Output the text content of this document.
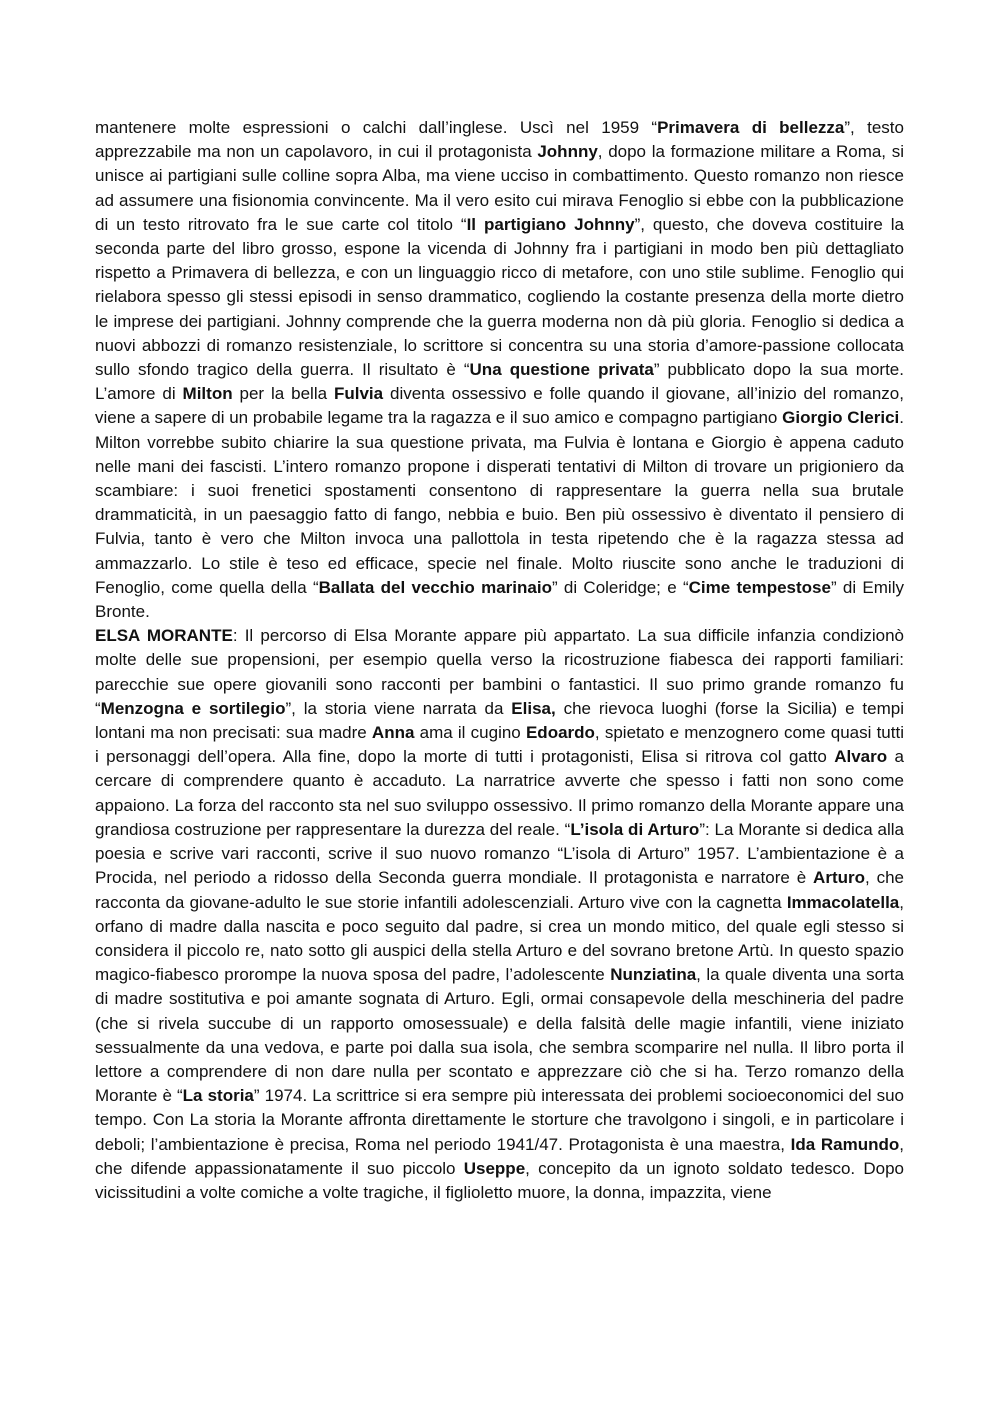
mantenere molte espressioni o calchi dall’inglese. Uscì nel 1959 “Primavera di bellezza”, testo apprezzabile ma non un capolavoro, in cui il protagonista Johnny, dopo la formazione militare a Roma, si unisce ai partigiani sulle colline sopra Alba, ma viene ucciso in combattimento. Questo romanzo non riesce ad assumere una fisionomia convincente. Ma il vero esito cui mirava Fenoglio si ebbe con la pubblicazione di un testo ritrovato fra le sue carte col titolo “Il partigiano Johnny”, questo, che doveva costituire la seconda parte del libro grosso, espone la vicenda di Johnny fra i partigiani in modo ben più dettagliato rispetto a Primavera di bellezza, e con un linguaggio ricco di metafore, con uno stile sublime. Fenoglio qui rielabora spesso gli stessi episodi in senso drammatico, cogliendo la costante presenza della morte dietro le imprese dei partigiani. Johnny comprende che la guerra moderna non dà più gloria. Fenoglio si dedica a nuovi abbozzi di romanzo resistenziale, lo scrittore si concentra su una storia d’amore-passione collocata sullo sfondo tragico della guerra. Il risultato è “Una questione privata” pubblicato dopo la sua morte. L’amore di Milton per la bella Fulvia diventa ossessivo e folle quando il giovane, all’inizio del romanzo, viene a sapere di un probabile legame tra la ragazza e il suo amico e compagno partigiano Giorgio Clerici. Milton vorrebbe subito chiarire la sua questione privata, ma Fulvia è lontana e Giorgio è appena caduto nelle mani dei fascisti. L’intero romanzo propone i disperati tentativi di Milton di trovare un prigioniero da scambiare: i suoi frenetici spostamenti consentono di rappresentare la guerra nella sua brutale drammaticità, in un paesaggio fatto di fango, nebbia e buio. Ben più ossessivo è diventato il pensiero di Fulvia, tanto è vero che Milton invoca una pallottola in testa ripetendo che è la ragazza stessa ad ammazzarlo. Lo stile è teso ed efficace, specie nel finale. Molto riuscite sono anche le traduzioni di Fenoglio, come quella della “Ballata del vecchio marinaio” di Coleridge; e “Cime tempestose” di Emily Bronte.

ELSA MORANTE: Il percorso di Elsa Morante appare più appartato. La sua difficile infanzia condizionò molte delle sue propensioni, per esempio quella verso la ricostruzione fiabesca dei rapporti familiari: parecchie sue opere giovanili sono racconti per bambini o fantastici. Il suo primo grande romanzo fu “Menzogna e sortilegio”, la storia viene narrata da Elisa, che rievoca luoghi (forse la Sicilia) e tempi lontani ma non precisati: sua madre Anna ama il cugino Edoardo, spietato e menzognero come quasi tutti i personaggi dell’opera. Alla fine, dopo la morte di tutti i protagonisti, Elisa si ritrova col gatto Alvaro a cercare di comprendere quanto è accaduto. La narratrice avverte che spesso i fatti non sono come appaiono. La forza del racconto sta nel suo sviluppo ossessivo. Il primo romanzo della Morante appare una grandiosa costruzione per rappresentare la durezza del reale. “L’isola di Arturo”: La Morante si dedica alla poesia e scrive vari racconti, scrive il suo nuovo romanzo “L’isola di Arturo” 1957. L’ambientazione è a Procida, nel periodo a ridosso della Seconda guerra mondiale. Il protagonista e narratore è Arturo, che racconta da giovane-adulto le sue storie infantili adolescenziali. Arturo vive con la cagnetta Immacolatella, orfano di madre dalla nascita e poco seguito dal padre, si crea un mondo mitico, del quale egli stesso si considera il piccolo re, nato sotto gli auspici della stella Arturo e del sovrano bretone Artù. In questo spazio magico-fiabesco prorompe la nuova sposa del padre, l’adolescente Nunziatina, la quale diventa una sorta di madre sostitutiva e poi amante sognata di Arturo. Egli, ormai consapevole della meschineria del padre (che si rivela succube di un rapporto omosessuale) e della falsità delle magie infantili, viene iniziato sessualmente da una vedova, e parte poi dalla sua isola, che sembra scomparire nel nulla. Il libro porta il lettore a comprendere di non dare nulla per scontato e apprezzare ciò che si ha. Terzo romanzo della Morante è “La storia” 1974. La scrittrice si era sempre più interessata dei problemi socioeconomici del suo tempo. Con La storia la Morante affronta direttamente le storture che travolgono i singoli, e in particolare i deboli; l’ambientazione è precisa, Roma nel periodo 1941/47. Protagonista è una maestra, Ida Ramundo, che difende appassionatamente il suo piccolo Useppe, concepito da un ignoto soldato tedesco. Dopo vicissitudini a volte comiche a volte tragiche, il figlioletto muore, la donna, impazzita, viene
